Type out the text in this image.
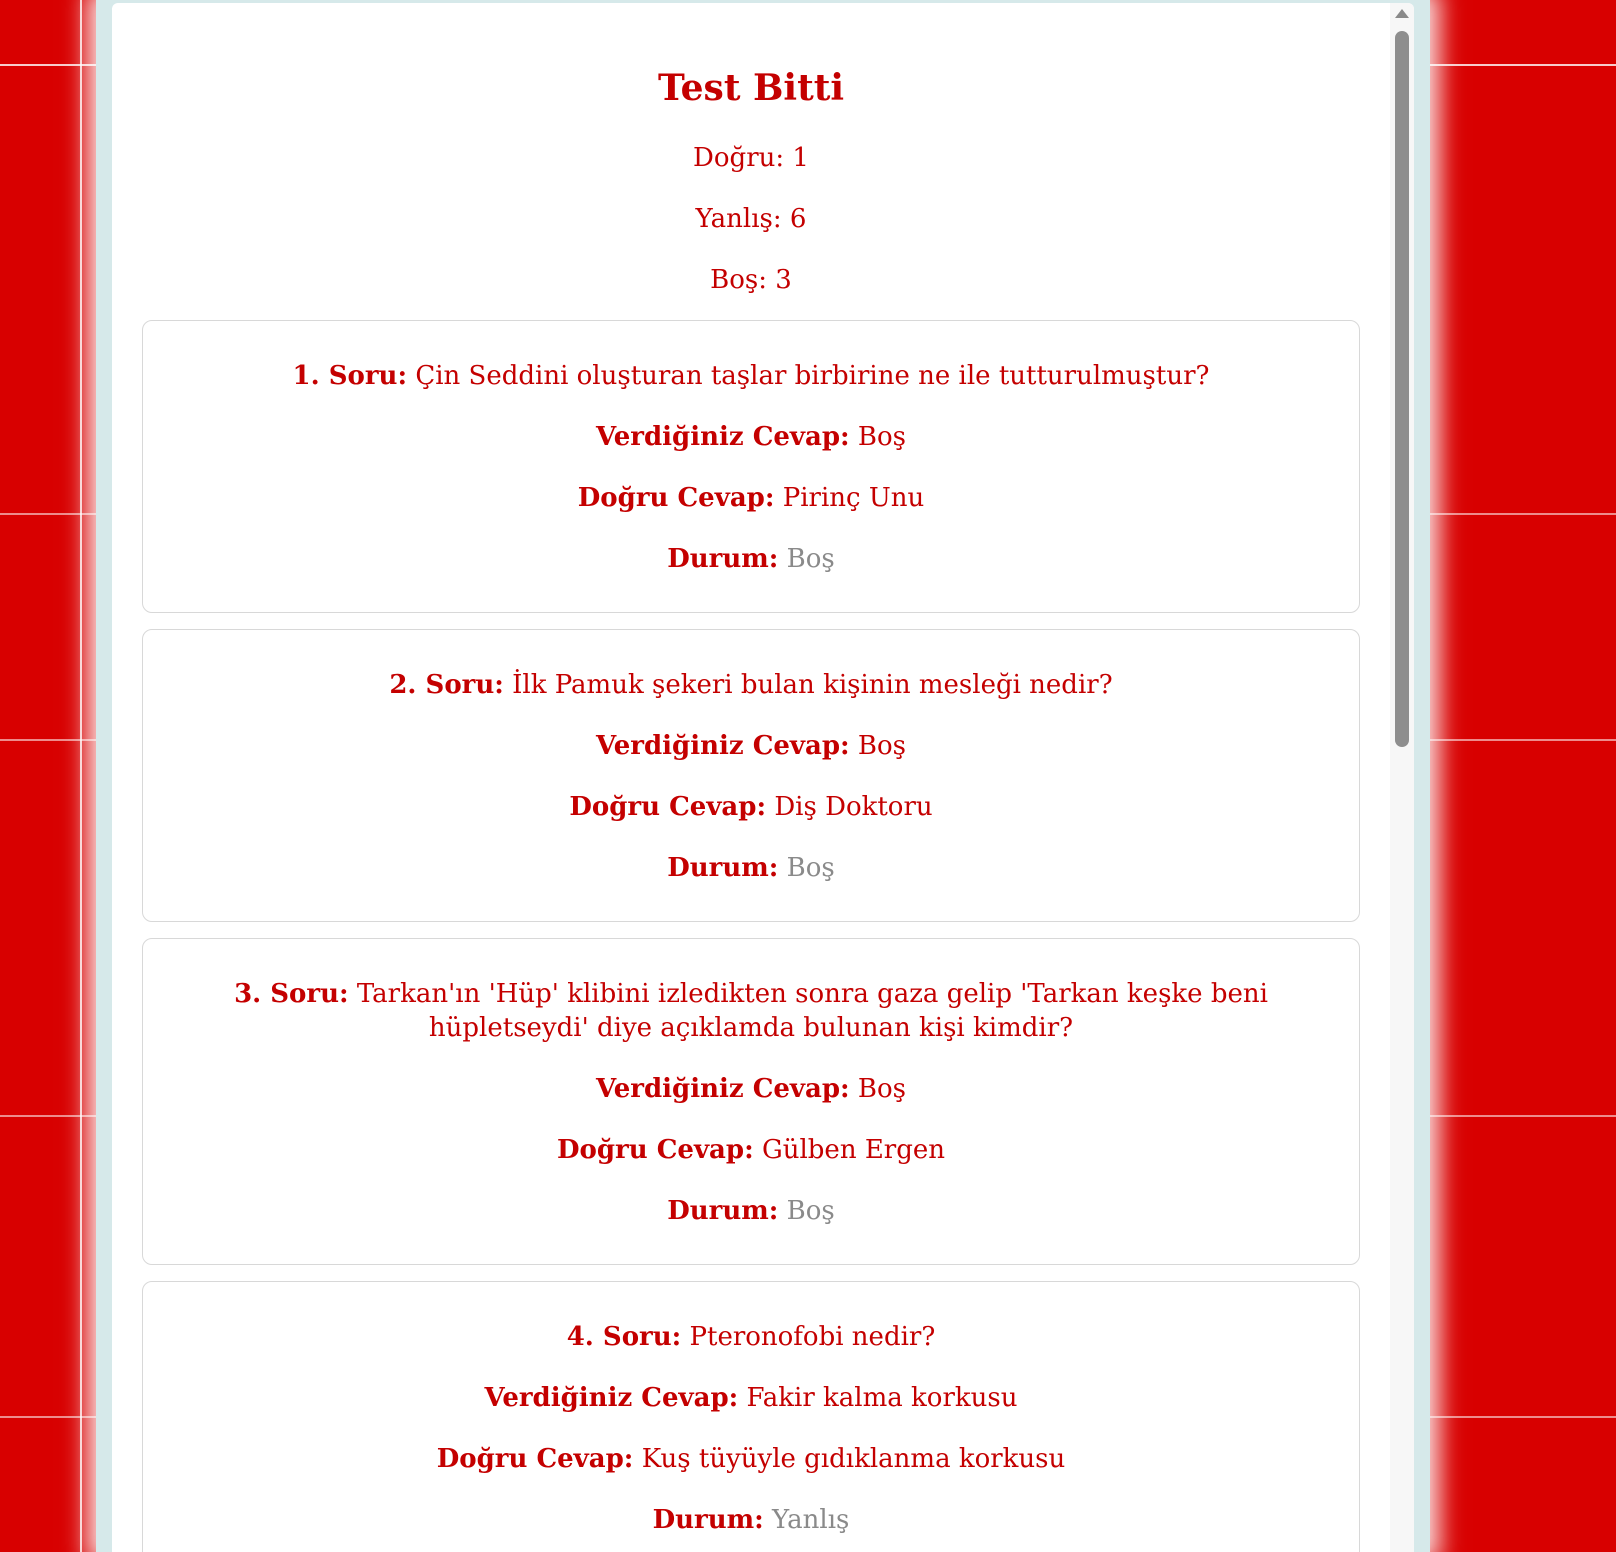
Test Bitti

Doğru: 1

Yanlış: 6

Boş: 3

1. Soru: Çin Seddini oluşturan taşlar birbirine ne ile tutturulmuştur?

Verdiğiniz Cevap: Boş

Doğru Cevap: Pirinç Unu

Durum: Boş

2. Soru: İlk Pamuk şekeri bulan kişinin mesleği nedir?

Verdiğiniz Cevap: Boş

Doğru Cevap: Diş Doktoru

Durum: Boş

3. Soru: Tarkan'ın 'Hüp' klibini izledikten sonra gaza gelip 'Tarkan keşke beni hüpletseydi' diye açıklamda bulunan kişi kimdir?

Verdiğiniz Cevap: Boş

Doğru Cevap: Gülben Ergen

Durum: Boş

4. Soru: Pteronofobi nedir?

Verdiğiniz Cevap: Fakir kalma korkusu

Doğru Cevap: Kuş tüyüyle gıdıklanma korkusu

Durum: Yanlış
